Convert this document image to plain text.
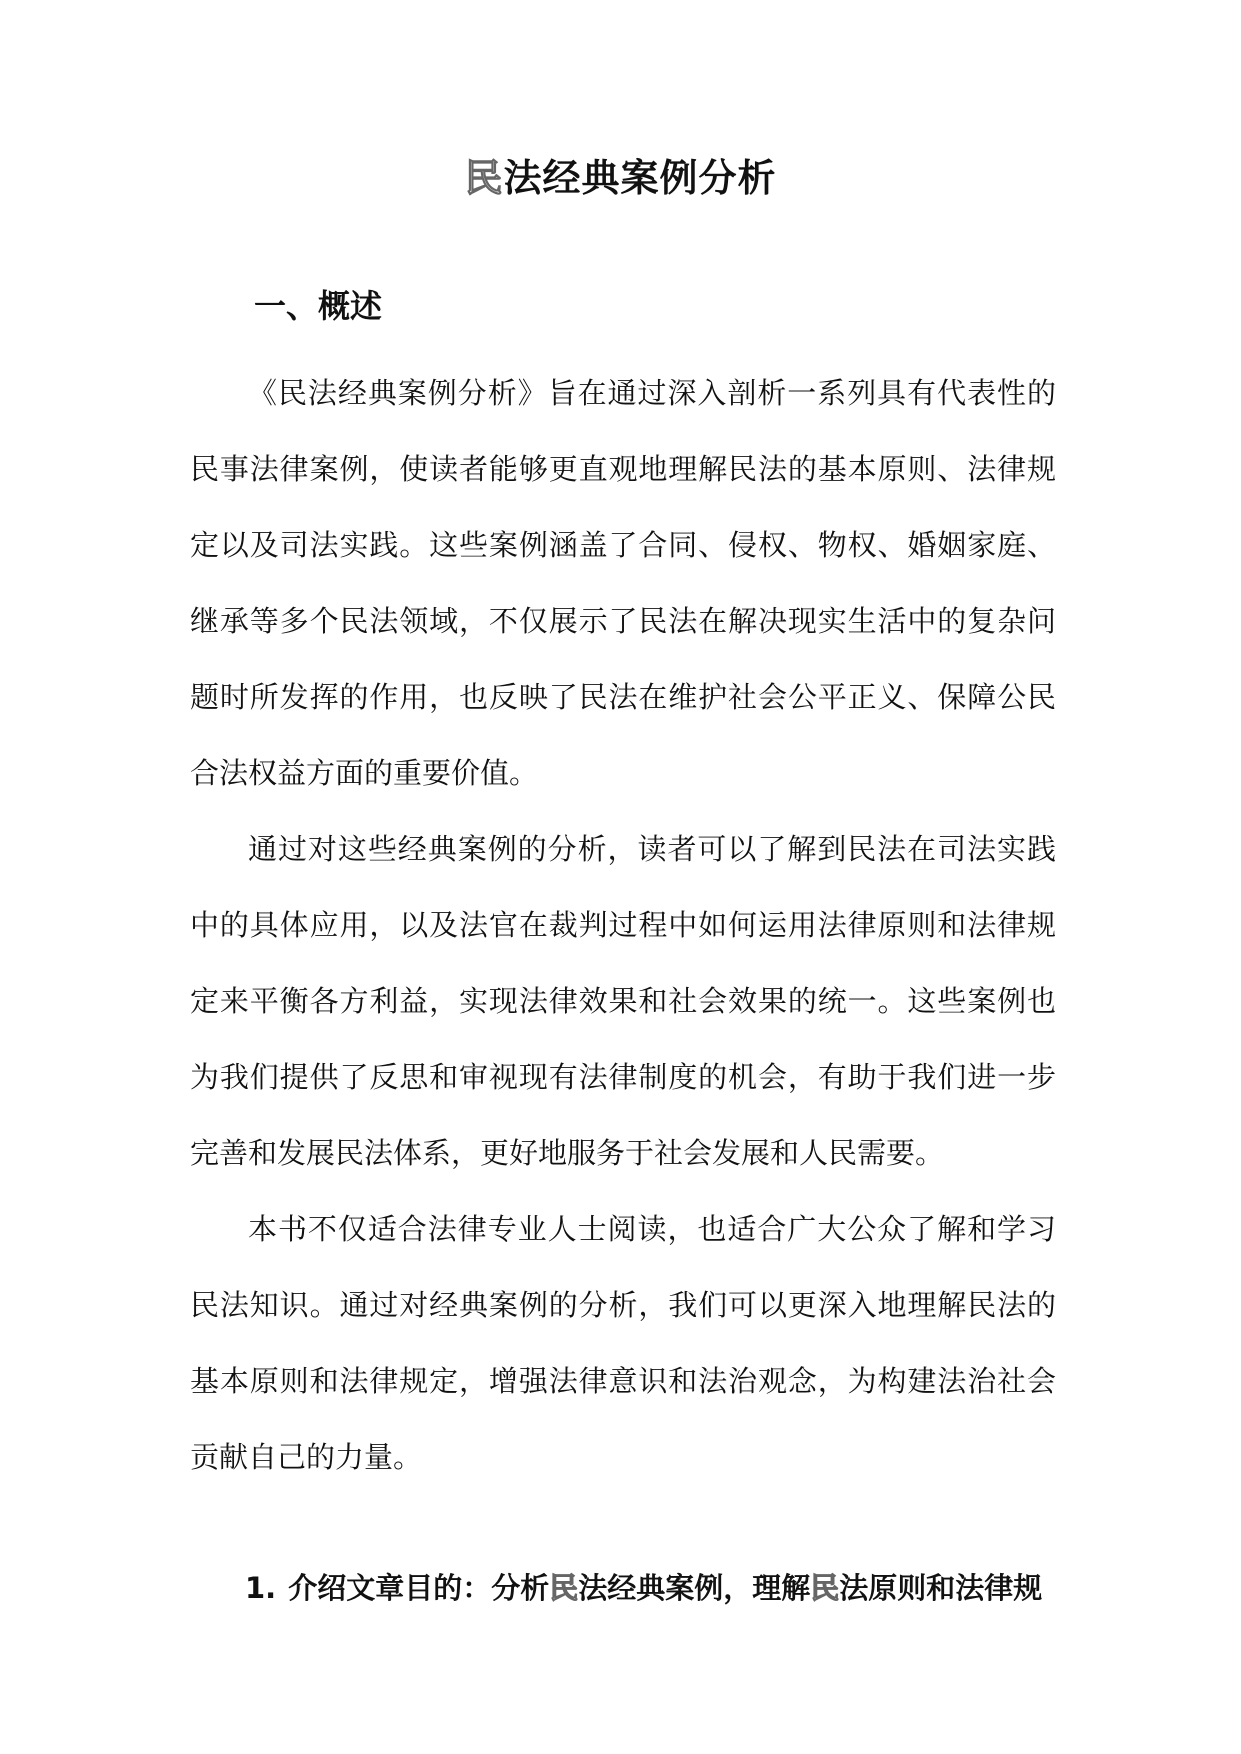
民法经典案例分析
一、概述

《民法经典案例分析》旨在通过深入剖析一系列具有代表性的民事法律案例，使读者能够更直观地理解民法的基本原则、法律规定以及司法实践。这些案例涵盖了合同、侵权、物权、婚姻家庭、继承等多个民法领域，不仅展示了民法在解决现实生活中的复杂问题时所发挥的作用，也反映了民法在维护社会公平正义、保障公民合法权益方面的重要价值。

通过对这些经典案例的分析，读者可以了解到民法在司法实践中的具体应用，以及法官在裁判过程中如何运用法律原则和法律规定来平衡各方利益，实现法律效果和社会效果的统一。这些案例也为我们提供了反思和审视现有法律制度的机会，有助于我们进一步完善和发展民法体系，更好地服务于社会发展和人民需要。

本书不仅适合法律专业人士阅读，也适合广大公众了解和学习民法知识。通过对经典案例的分析，我们可以更深入地理解民法的基本原则和法律规定，增强法律意识和法治观念，为构建法治社会贡献自己的力量。

1. 介绍文章目的：分析民法经典案例，理解民法原则和法律规
